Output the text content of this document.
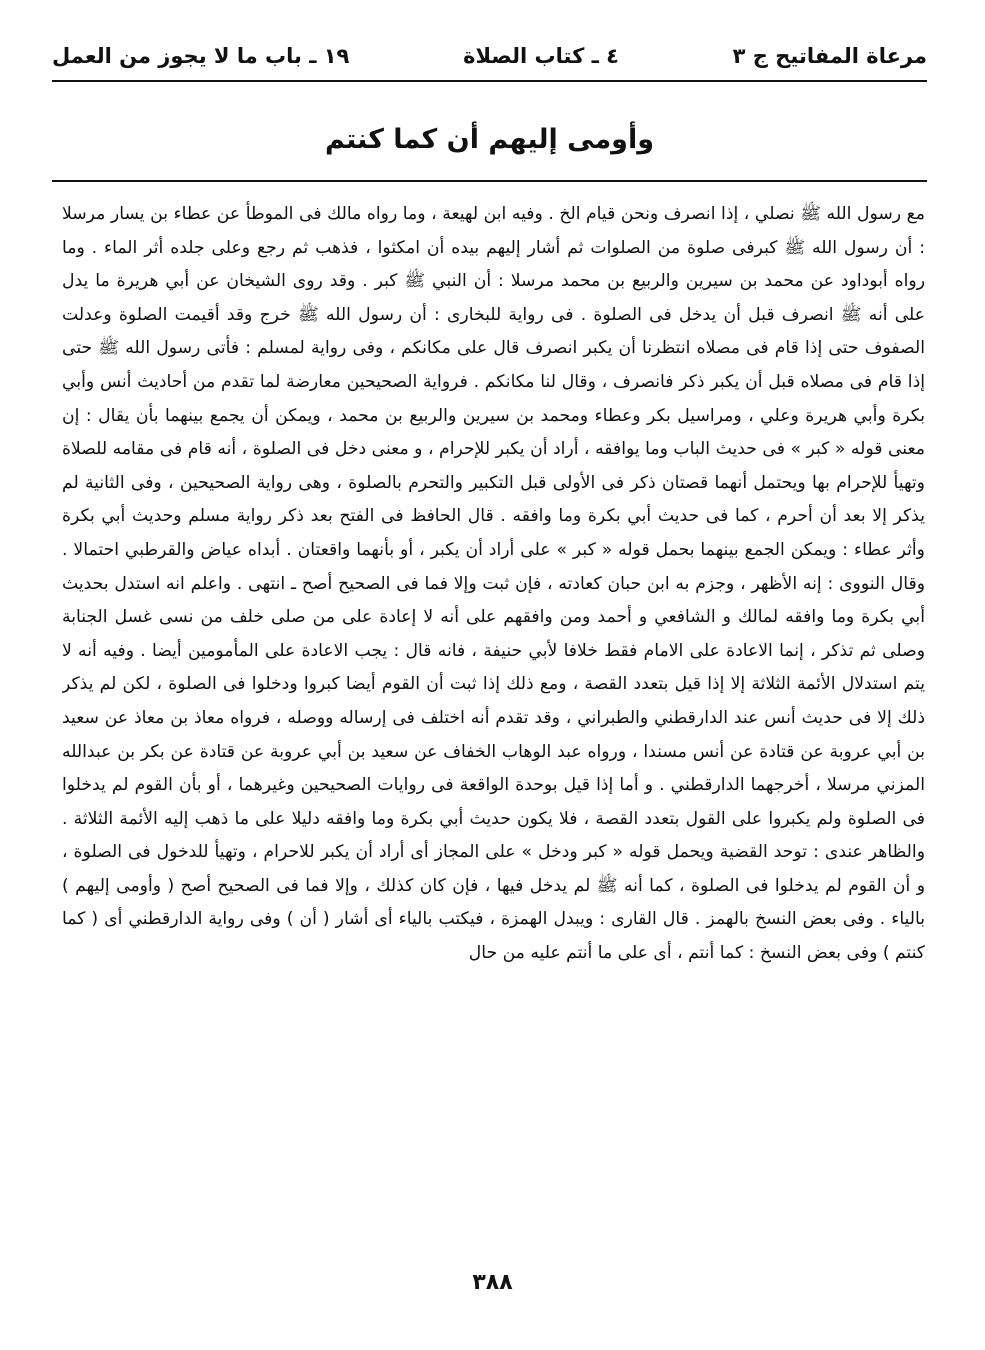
مرعاة المفاتيح ج ٣
٤ ـ كتاب الصلاة
١٩ ـ باب ما لا يجوز من العمل
وأومى إليهم أن كما كنتم

مع رسول الله ﷺ نصلي ، إذا انصرف ونحن قيام الخ . وفيه ابن لهيعة ، وما رواه مالك فى الموطأ عن عطاء بن يسار مرسلا : أن رسول الله ﷺ كبرفى صلوة من الصلوات ثم أشار إليهم بيده أن امكثوا ، فذهب ثم رجع وعلى جلده أثر الماء . وما رواه أبوداود عن محمد بن سيرين والربيع بن محمد مرسلا : أن النبي ﷺ كبر . وقد روى الشيخان عن أبي هريرة ما يدل على أنه ﷺ انصرف قبل أن يدخل فى الصلوة . فى رواية للبخارى : أن رسول الله ﷺ خرج وقد أقيمت الصلوة وعدلت الصفوف حتى إذا قام فى مصلاه انتظرنا أن يكبر انصرف قال على مكانكم ، وفى رواية لمسلم : فأتى رسول الله ﷺ حتى إذا قام فى مصلاه قبل أن يكبر ذكر فانصرف ، وقال لنا مكانكم . فرواية الصحيحين معارضة لما تقدم من أحاديث أنس وأبي بكرة وأبي هريرة وعلي ، ومراسيل بكر وعطاء ومحمد بن سيرين والربيع بن محمد ، ويمكن أن يجمع بينهما بأن يقال : إن معنى قوله « كبر » فى حديث الباب وما يوافقه ، أراد أن يكبر للإحرام ، و معنى دخل فى الصلوة ، أنه قام فى مقامه للصلاة وتهيأ للإحرام بها ويحتمل أنهما قصتان ذكر فى الأولى قبل التكبير والتحرم بالصلوة ، وهى رواية الصحيحين ، وفى الثانية لم يذكر إلا بعد أن أحرم ، كما فى حديث أبي بكرة وما وافقه . قال الحافظ فى الفتح بعد ذكر رواية مسلم وحديث أبي بكرة وأثر عطاء : ويمكن الجمع بينهما بحمل قوله « كبر » على أراد أن يكبر ، أو بأنهما واقعتان . أبداه عياض والقرطبي احتمالا . وقال النووى : إنه الأظهر ، وجزم به ابن حبان كعادته ، فإن ثبت وإلا فما فى الصحيح أصح ـ انتهى . واعلم انه استدل بحديث أبي بكرة وما وافقه لمالك و الشافعي و أحمد ومن وافقهم على أنه لا إعادة على من صلى خلف من نسى غسل الجنابة وصلى ثم تذكر ، إنما الاعادة على الامام فقط خلافا لأبي حنيفة ، فانه قال : يجب الاعادة على المأمومين أيضا . وفيه أنه لا يتم استدلال الأئمة الثلاثة إلا إذا قيل بتعدد القصة ، ومع ذلك إذا ثبت أن القوم أيضا كبروا ودخلوا فى الصلوة ، لكن لم يذكر ذلك إلا فى حديث أنس عند الدارقطني والطبراني ، وقد تقدم أنه اختلف فى إرساله ووصله ، فرواه معاذ بن معاذ عن سعيد بن أبي عروبة عن قتادة عن أنس مسندا ، ورواه عبد الوهاب الخفاف عن سعيد بن أبي عروبة عن قتادة عن بكر بن عبدالله المزني مرسلا ، أخرجهما الدارقطني . و أما إذا قيل بوحدة الواقعة فى روايات الصحيحين وغيرهما ، أو بأن القوم لم يدخلوا فى الصلوة ولم يكبروا على القول بتعدد القصة ، فلا يكون حديث أبي بكرة وما وافقه دليلا على ما ذهب إليه الأئمة الثلاثة . والظاهر عندى : توحد القضية ويحمل قوله « كبر ودخل » على المجاز أى أراد أن يكبر للاحرام ، وتهيأ للدخول فى الصلوة ، و أن القوم لم يدخلوا فى الصلوة ، كما أنه ﷺ لم يدخل فيها ، فإن كان كذلك ، وإلا فما فى الصحيح أصح ( وأومى إليهم ) بالياء . وفى بعض النسخ بالهمز . قال القارى : ويبدل الهمزة ، فيكتب بالياء أى أشار ( أن ) وفى رواية الدارقطني أى ( كما كنتم ) وفى بعض النسخ : كما أنتم ، أى على ما أنتم عليه من حال

٣٨٨
